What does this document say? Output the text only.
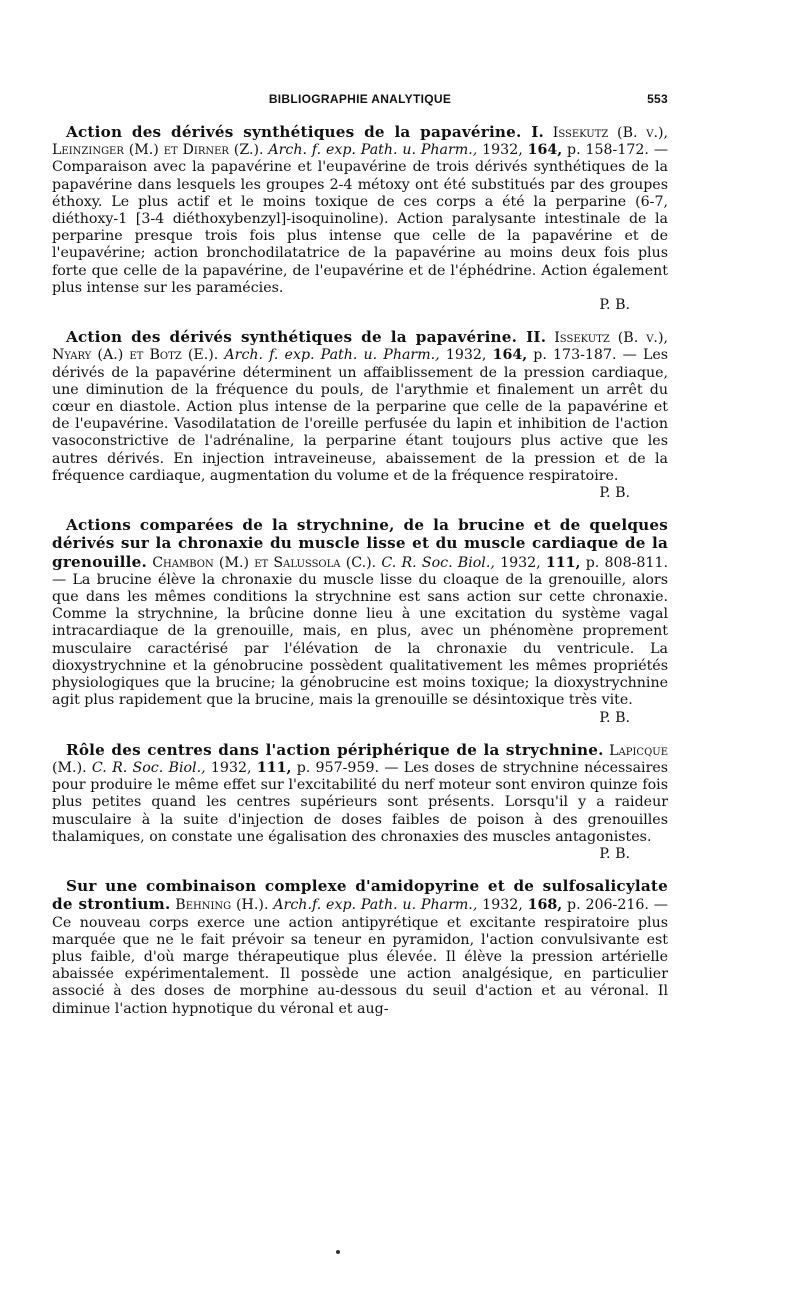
BIBLIOGRAPHIE ANALYTIQUE	553

Action des dérivés synthétiques de la papavérine. I. Issekutz (B. v.), Leinzinger (M.) et Dirner (Z.). Arch. f. exp. Path. u. Pharm., 1932, 164, p. 158-172. — Comparaison avec la papavérine et l'eupavérine de trois dérivés synthétiques de la papavérine dans lesquels les groupes 2-4 métoxy ont été substitués par des groupes éthoxy. Le plus actif et le moins toxique de ces corps a été la perparine (6-7, diéthoxy-1 [3-4 diéthoxybenzyl]-isoquinoline). Action paralysante intestinale de la perparine presque trois fois plus intense que celle de la papavérine et de l'eupavérine; action bronchodilatatrice de la papavérine au moins deux fois plus forte que celle de la papavérine, de l'eupavérine et de l'éphédrine. Action également plus intense sur les paramécies.
P. B.

Action des dérivés synthétiques de la papavérine. II. Issekutz (B. v.), Nyary (A.) et Botz (E.). Arch. f. exp. Path. u. Pharm., 1932, 164, p. 173-187. — Les dérivés de la papavérine déterminent un affaiblissement de la pression cardiaque, une diminution de la fréquence du pouls, de l'arythmie et finalement un arrêt du cœur en diastole. Action plus intense de la perparine que celle de la papavérine et de l'eupavérine. Vasodilatation de l'oreille perfusée du lapin et inhibition de l'action vasoconstrictive de l'adrénaline, la perparine étant toujours plus active que les autres dérivés. En injection intraveineuse, abaissement de la pression et de la fréquence cardiaque, augmentation du volume et de la fréquence respiratoire.
P. B.

Actions comparées de la strychnine, de la brucine et de quelques dérivés sur la chronaxie du muscle lisse et du muscle cardiaque de la grenouille. Chambon (M.) et Salussola (C.). C. R. Soc. Biol., 1932, 111, p. 808-811. — La brucine élève la chronaxie du muscle lisse du cloaque de la grenouille, alors que dans les mêmes conditions la strychnine est sans action sur cette chronaxie. Comme la strychnine, la brûcine donne lieu à une excitation du système vagal intracardiaque de la grenouille, mais, en plus, avec un phénomène proprement musculaire caractérisé par l'élévation de la chronaxie du ventricule. La dioxystrychnine et la génobrucine possèdent qualitativement les mêmes propriétés physiologiques que la brucine; la génobrucine est moins toxique; la dioxystrychnine agit plus rapidement que la brucine, mais la grenouille se désintoxique très vite.
P. B.

Rôle des centres dans l'action périphérique de la strychnine. Lapicque (M.). C. R. Soc. Biol., 1932, 111, p. 957-959. — Les doses de strychnine nécessaires pour produire le même effet sur l'excitabilité du nerf moteur sont environ quinze fois plus petites quand les centres supérieurs sont présents. Lorsqu'il y a raideur musculaire à la suite d'injection de doses faibles de poison à des grenouilles thalamiques, on constate une égalisation des chronaxies des muscles antagonistes.
P. B.

Sur une combinaison complexe d'amidopyrine et de sulfosalicylate de strontium. Behning (H.). Arch.f. exp. Path. u. Pharm., 1932, 168, p. 206-216. — Ce nouveau corps exerce une action antipyrétique et excitante respiratoire plus marquée que ne le fait prévoir sa teneur en pyramidon, l'action convulsivante est plus faible, d'où marge thérapeutique plus élevée. Il élève la pression artérielle abaissée expérimentalement. Il possède une action analgésique, en particulier associé à des doses de morphine au-dessous du seuil d'action et au véronal. Il diminue l'action hypnotique du véronal et aug-
